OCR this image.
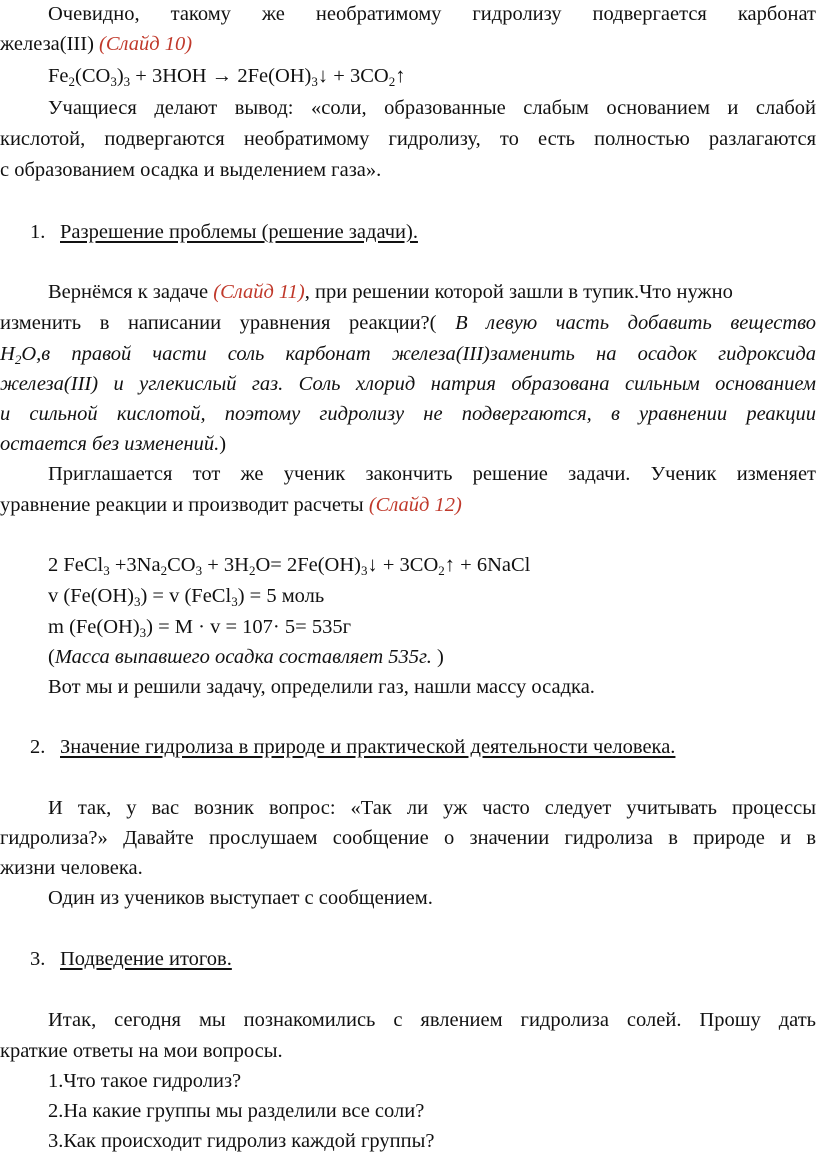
Очевидно, такому же необратимому гидролизу подвергается карбонат
железа(III) (Слайд 10)
$Fe_2(CO_3)_3 + 3HOH$ → $2Fe(OH)_3↓$ + $3CO_2↑$
Учащиеся делают вывод: «соли, образованные слабым основанием и слабой
кислотой, подвергаются необратимому гидролизу, то есть полностью разлагаются
с образованием осадка и выделением газа».
1. Разрешение проблемы (решение задачи).
Вернёмся к задаче (Слайд 11), при решении которой зашли в тупик.Что нужно
изменить в написании уравнения реакции?( В левую часть добавить вещество
$H_2O,в$ правой части соль карбонат железа(III)заменить на осадок гидроксида
железа(III) и углекислый газ. Соль хлорид натрия образована сильным основанием
и сильной кислотой, поэтому гидролизу не подвергаются, в уравнении реакции
остается без изменений.)
Приглашается тот же ученик закончить решение задачи. Ученик изменяет
уравнение реакции и производит расчеты (Слайд 12)
2 FeCl$_3$ $+3Na_2CO_3 + 3H_2O=$ $2Fe(OH)_3↓$ + $3CO_2↑$ + 6NaCl
v $(Fe(OH)_3) = v$ (FeCl$_3$) = 5 моль
m $(Fe(OH)_3) = M \cdot v = 107\cdot 5= 535г$
(Масса выпавшего осадка составляет 535г. )
Вот мы и решили задачу, определили газ, нашли массу осадка.
2. Значение гидролиза в природе и практической деятельности человека.
И так, у вас возник вопрос: «Так ли уж часто следует учитывать процессы
гидролиза?» Давайте прослушаем сообщение о значении гидролиза в природе и в
жизни человека.
Один из учеников выступает с сообщением.
3. Подведение итогов.
Итак, сегодня мы познакомились с явлением гидролиза солей. Прошу дать
краткие ответы на мои вопросы.
1.Что такое гидролиз?
2.На какие группы мы разделили все соли?
3.Как происходит гидролиз каждой группы?
